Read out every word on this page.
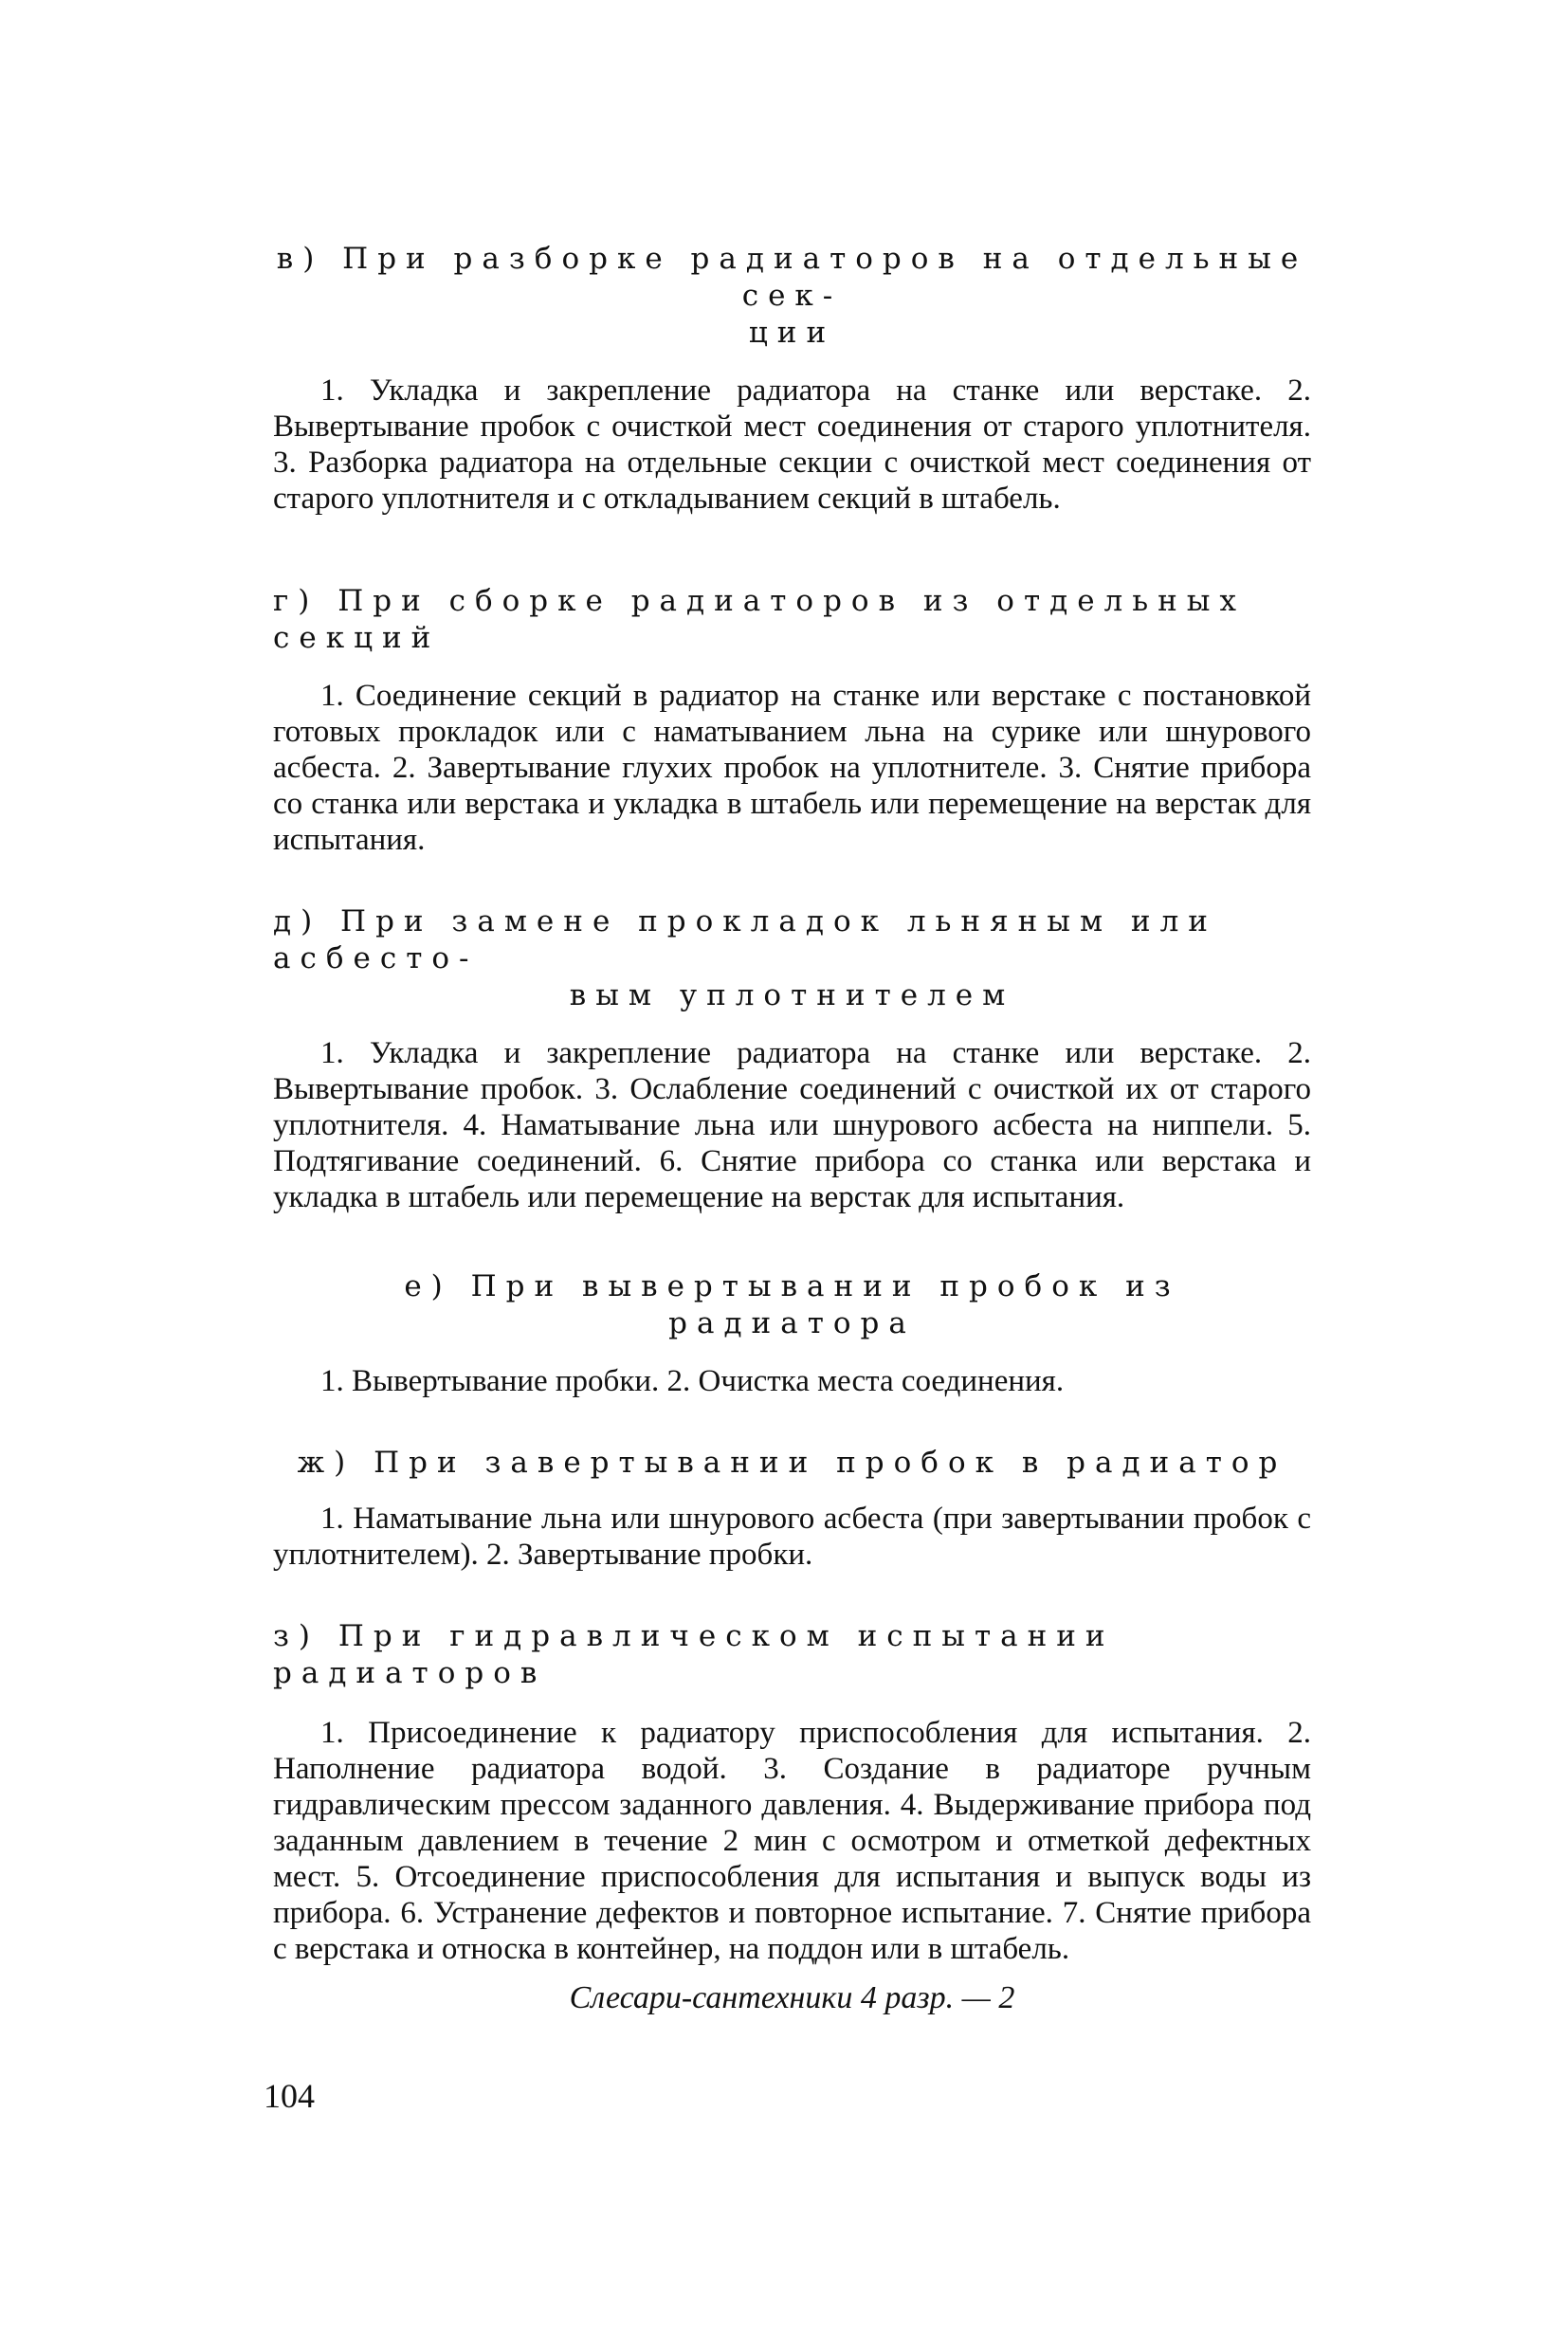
в) При разборке радиаторов на отдельные сек-
ции

1. Укладка и закрепление радиатора на станке или верстаке. 2. Вывертывание пробок с очисткой мест соединения от старого уплотнителя. 3. Разборка радиатора на отдельные секции с очисткой мест соединения от старого уплотнителя и с откладыванием секций в штабель.

г) При сборке радиаторов из отдельных секций

1. Соединение секций в радиатор на станке или верстаке с постановкой готовых прокладок или с наматыванием льна на сурике или шнурового асбеста. 2. Завертывание глухих пробок на уплотнителе. 3. Снятие прибора со станка или верстака и укладка в штабель или перемещение на верстак для испытания.

д) При замене прокладок льняным или асбесто-
вым уплотнителем

1. Укладка и закрепление радиатора на станке или верстаке. 2. Вывертывание пробок. 3. Ослабление соединений с очисткой их от старого уплотнителя. 4. Наматывание льна или шнурового асбеста на ниппели. 5. Подтягивание соединений. 6. Снятие прибора со станка или верстака и укладка в штабель или перемещение на верстак для испытания.

е) При вывертывании пробок из радиатора

1. Вывертывание пробки. 2. Очистка места соединения.

ж) При завертывании пробок в радиатор

1. Наматывание льна или шнурового асбеста (при завертывании пробок с уплотнителем). 2. Завертывание пробки.

з) При гидравлическом испытании радиаторов

1. Присоединение к радиатору приспособления для испытания. 2. Наполнение радиатора водой. 3. Создание в радиаторе ручным гидравлическим прессом заданного давления. 4. Выдерживание прибора под заданным давлением в течение 2 мин с осмотром и отметкой дефектных мест. 5. Отсоединение приспособления для испытания и выпуск воды из прибора. 6. Устранение дефектов и повторное испытание. 7. Снятие прибора с верстака и относка в контейнер, на поддон или в штабель.

Слесари-сантехники 4 разр. — 2

104
